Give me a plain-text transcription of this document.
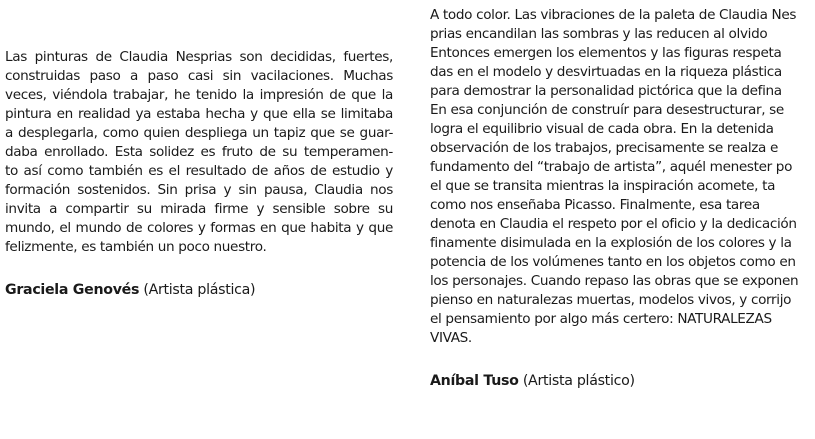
Las pinturas de Claudia Nesprias son decididas, fuertes,
construidas paso a paso casi sin vacilaciones. Muchas
veces, viéndola trabajar, he tenido la impresión de que la
pintura en realidad ya estaba hecha y que ella se limitaba
a desplegarla, como quien despliega un tapiz que se guar-
daba enrollado. Esta solidez es fruto de su temperamen-
to así como también es el resultado de años de estudio y
formación sostenidos. Sin prisa y sin pausa, Claudia nos
invita a compartir su mirada firme y sensible sobre su
mundo, el mundo de colores y formas en que habita y que
felizmente, es también un poco nuestro.
Graciela Genovés (Artista plástica)
A todo color. Las vibraciones de la paleta de Claudia Nes
prias encandilan las sombras y las reducen al olvido
Entonces emergen los elementos y las figuras respeta
das en el modelo y desvirtuadas en la riqueza plástica
para demostrar la personalidad pictórica que la defina
En esa conjunción de construír para desestructurar, se
logra el equilibrio visual de cada obra. En la detenida
observación de los trabajos, precisamente se realza e
fundamento del “trabajo de artista”, aquél menester po
el que se transita mientras la inspiración acomete, ta
como nos enseñaba Picasso. Finalmente, esa tarea
denota en Claudia el respeto por el oficio y la dedicación
finamente disimulada en la explosión de los colores y la
potencia de los volúmenes tanto en los objetos como en
los personajes. Cuando repaso las obras que se exponen
pienso en naturalezas muertas, modelos vivos, y corrijo
el pensamiento por algo más certero: NATURALEZAS
VIVAS.
Aníbal Tuso (Artista plástico)
